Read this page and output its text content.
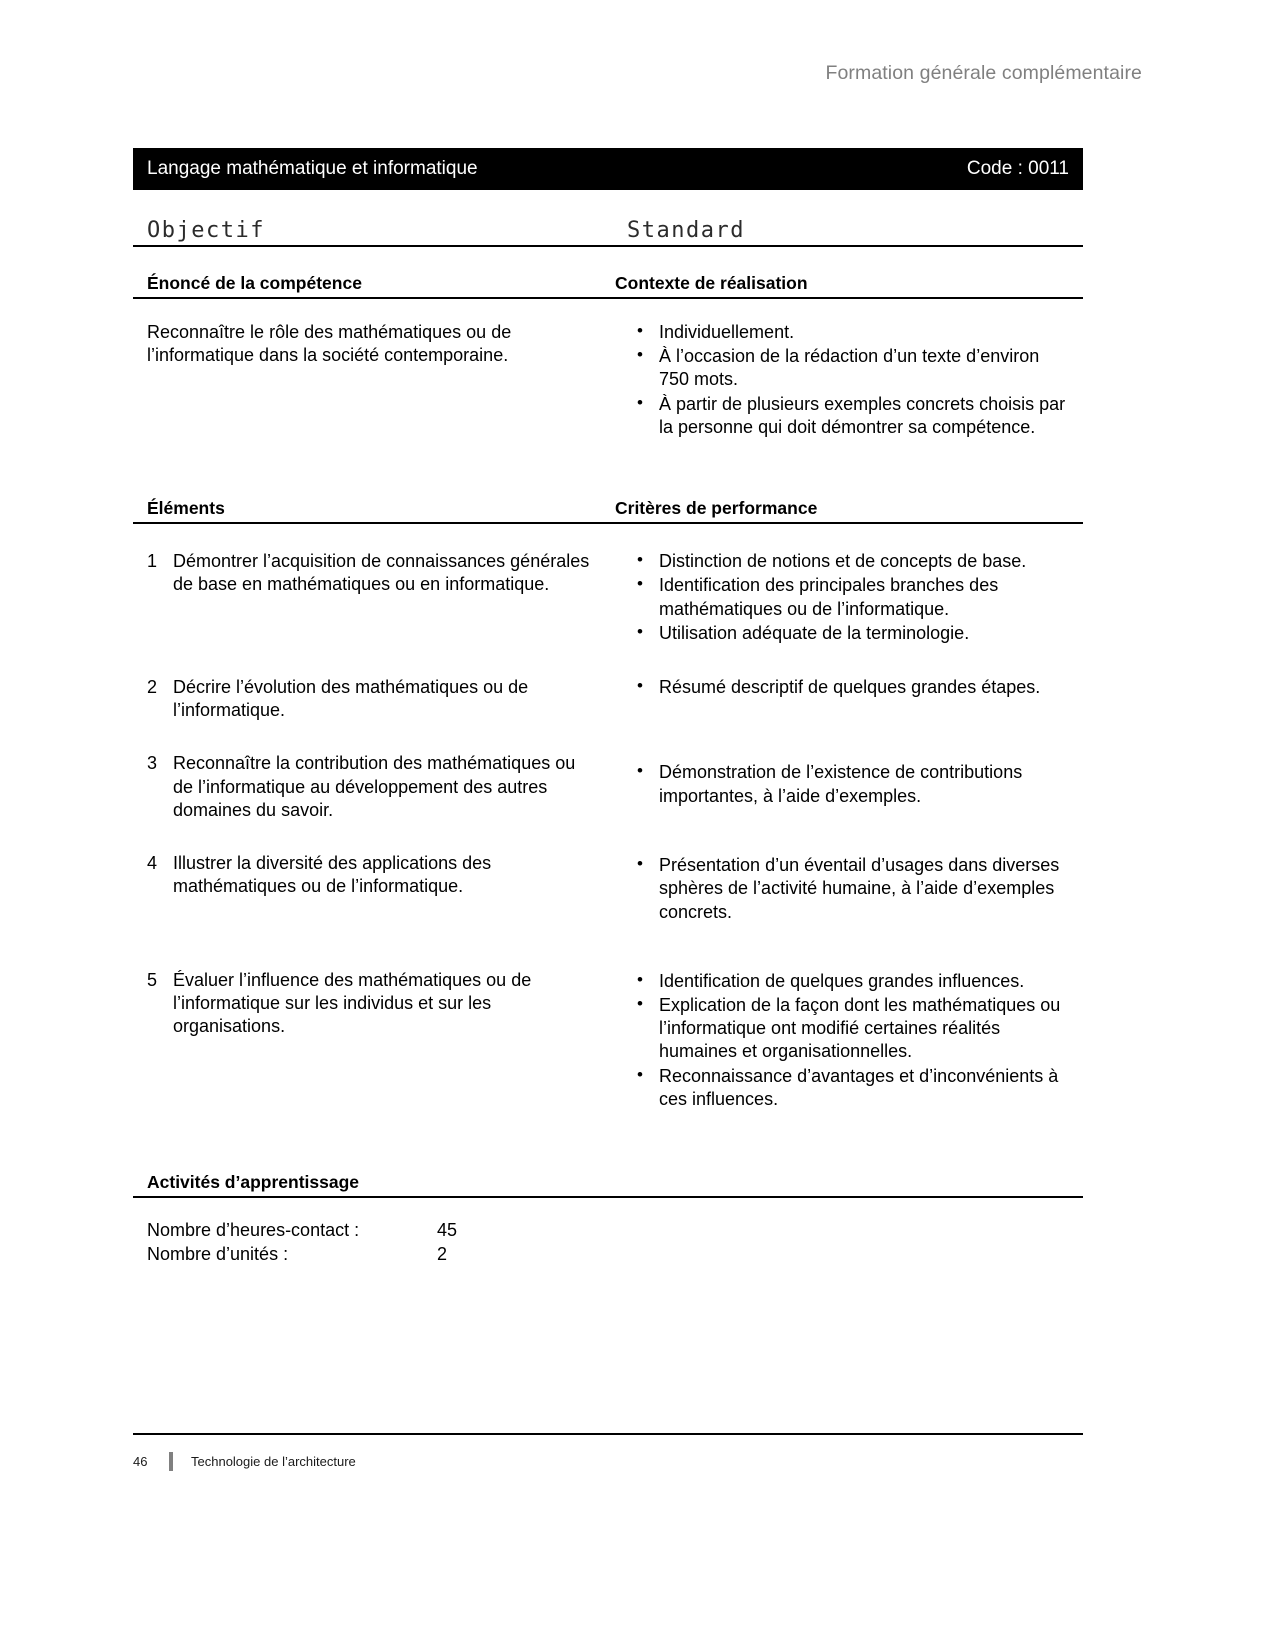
Formation générale complémentaire
Langage mathématique et informatique	Code : 0011
Objectif	Standard
Énoncé de la compétence	Contexte de réalisation
Reconnaître le rôle des mathématiques ou de l’informatique dans la société contemporaine.
• Individuellement.
• À l’occasion de la rédaction d’un texte d’environ 750 mots.
• À partir de plusieurs exemples concrets choisis par la personne qui doit démontrer sa compétence.
Éléments	Critères de performance
1 Démontrer l’acquisition de connaissances générales de base en mathématiques ou en informatique.
• Distinction de notions et de concepts de base.
• Identification des principales branches des mathématiques ou de l’informatique.
• Utilisation adéquate de la terminologie.
2 Décrire l’évolution des mathématiques ou de l’informatique.
• Résumé descriptif de quelques grandes étapes.
3 Reconnaître la contribution des mathématiques ou de l’informatique au développement des autres domaines du savoir.
• Démonstration de l’existence de contributions importantes, à l’aide d’exemples.
4 Illustrer la diversité des applications des mathématiques ou de l’informatique.
• Présentation d’un éventail d’usages dans diverses sphères de l’activité humaine, à l’aide d’exemples concrets.
5 Évaluer l’influence des mathématiques ou de l’informatique sur les individus et sur les organisations.
• Identification de quelques grandes influences.
• Explication de la façon dont les mathématiques ou l’informatique ont modifié certaines réalités humaines et organisationnelles.
• Reconnaissance d’avantages et d’inconvénients à ces influences.
Activités d’apprentissage
Nombre d’heures-contact :	45
Nombre d’unités :	2
46	Technologie de l’architecture
